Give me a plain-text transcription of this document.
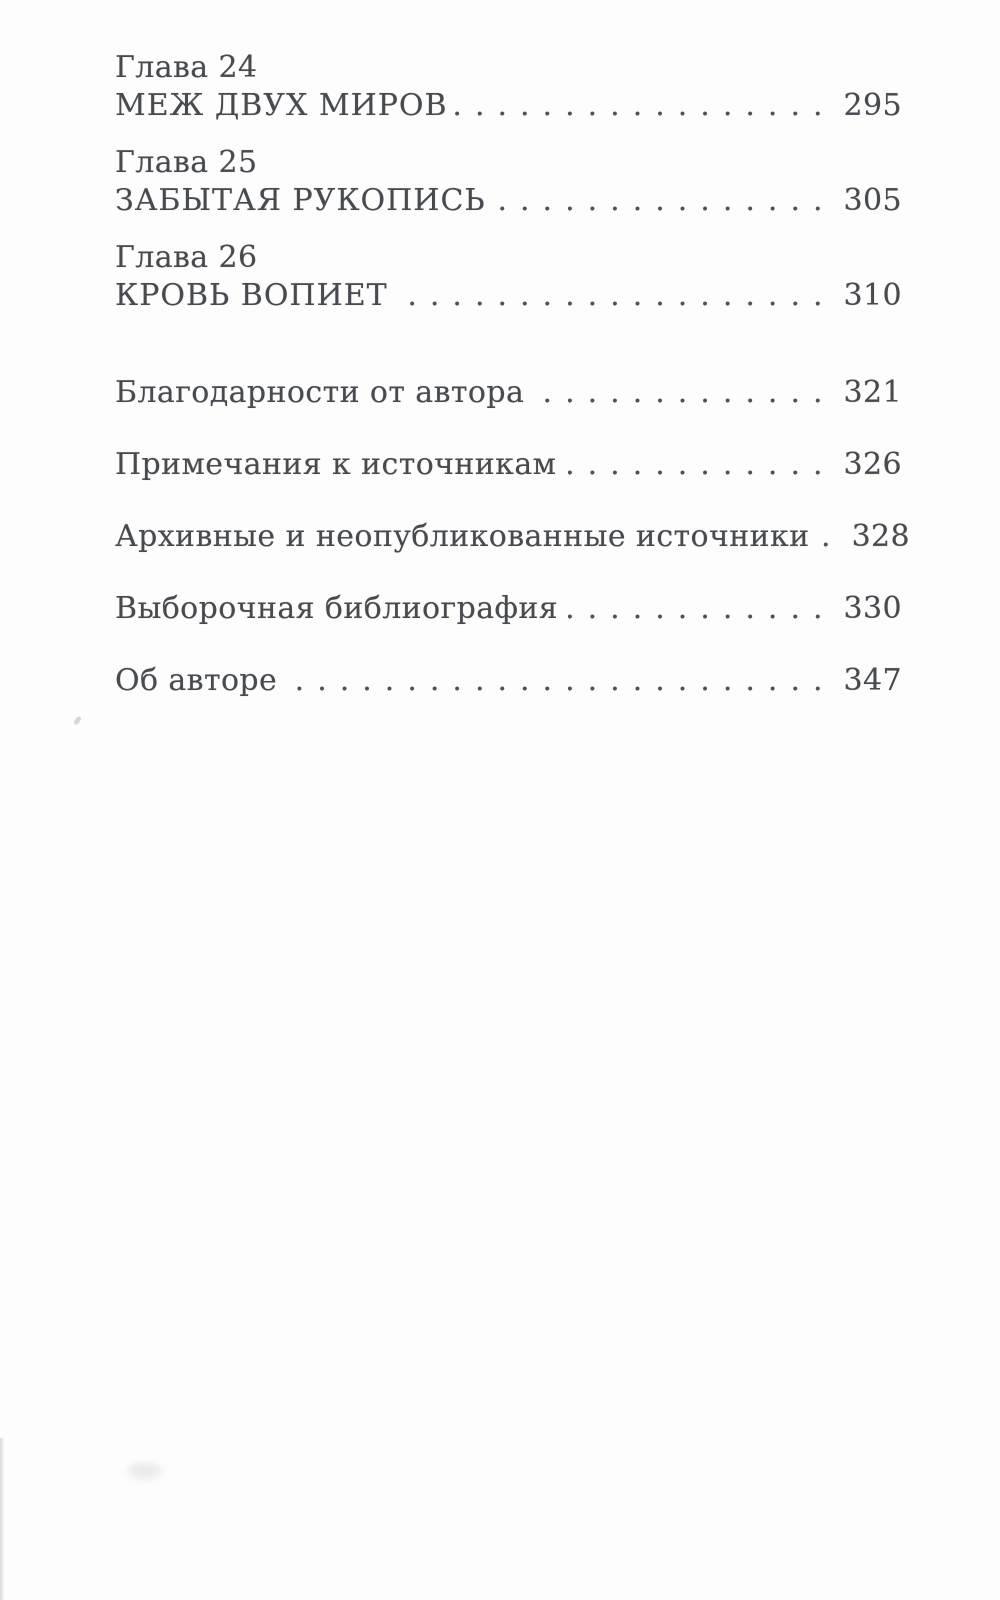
Глава 24
МЕЖ ДВУХ МИРОВ .....	295
Глава 25
ЗАБЫТАЯ РУКОПИСЬ .....	305
Глава 26
КРОВЬ ВОПИЕТ .....	310
Благодарности от автора .....	321
Примечания к источникам .....	326
Архивные и неопубликованные источники ..... 328
Выборочная библиография .....	330
Об авторе .....	347
